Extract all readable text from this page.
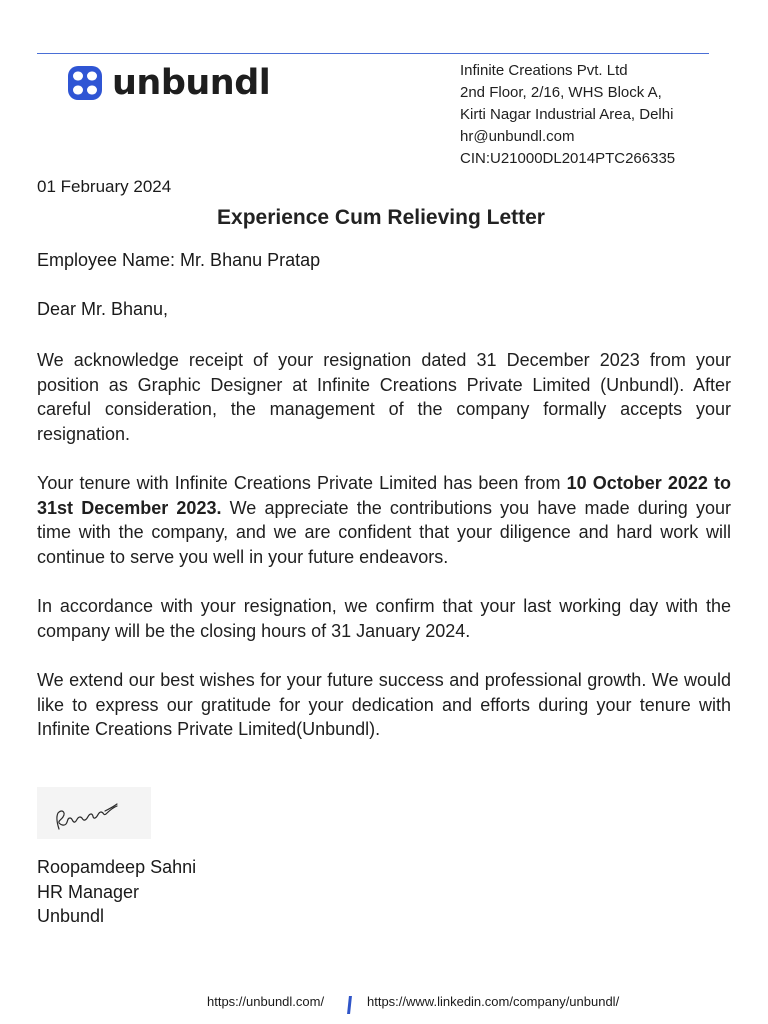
unbundl	Infinite Creations Pvt. Ltd
2nd Floor, 2/16, WHS Block A,
Kirti Nagar Industrial Area, Delhi
hr@unbundl.com
CIN:U21000DL2014PTC266335
01 February 2024
Experience Cum Relieving Letter
Employee Name: Mr. Bhanu Pratap
Dear Mr. Bhanu,
We acknowledge receipt of your resignation dated 31 December 2023 from your position as Graphic Designer at Infinite Creations Private Limited (Unbundl). After careful consideration, the management of the company formally accepts your resignation.
Your tenure with Infinite Creations Private Limited has been from 10 October 2022 to 31st December 2023. We appreciate the contributions you have made during your time with the company, and we are confident that your diligence and hard work will continue to serve you well in your future endeavors.
In accordance with your resignation, we confirm that your last working day with the company will be the closing hours of 31 January 2024.
We extend our best wishes for your future success and professional growth. We would like to express our gratitude for your dedication and efforts during your tenure with Infinite Creations Private Limited(Unbundl).
Roopamdeep Sahni
HR Manager
Unbundl
https://unbundl.com/	https://www.linkedin.com/company/unbundl/
